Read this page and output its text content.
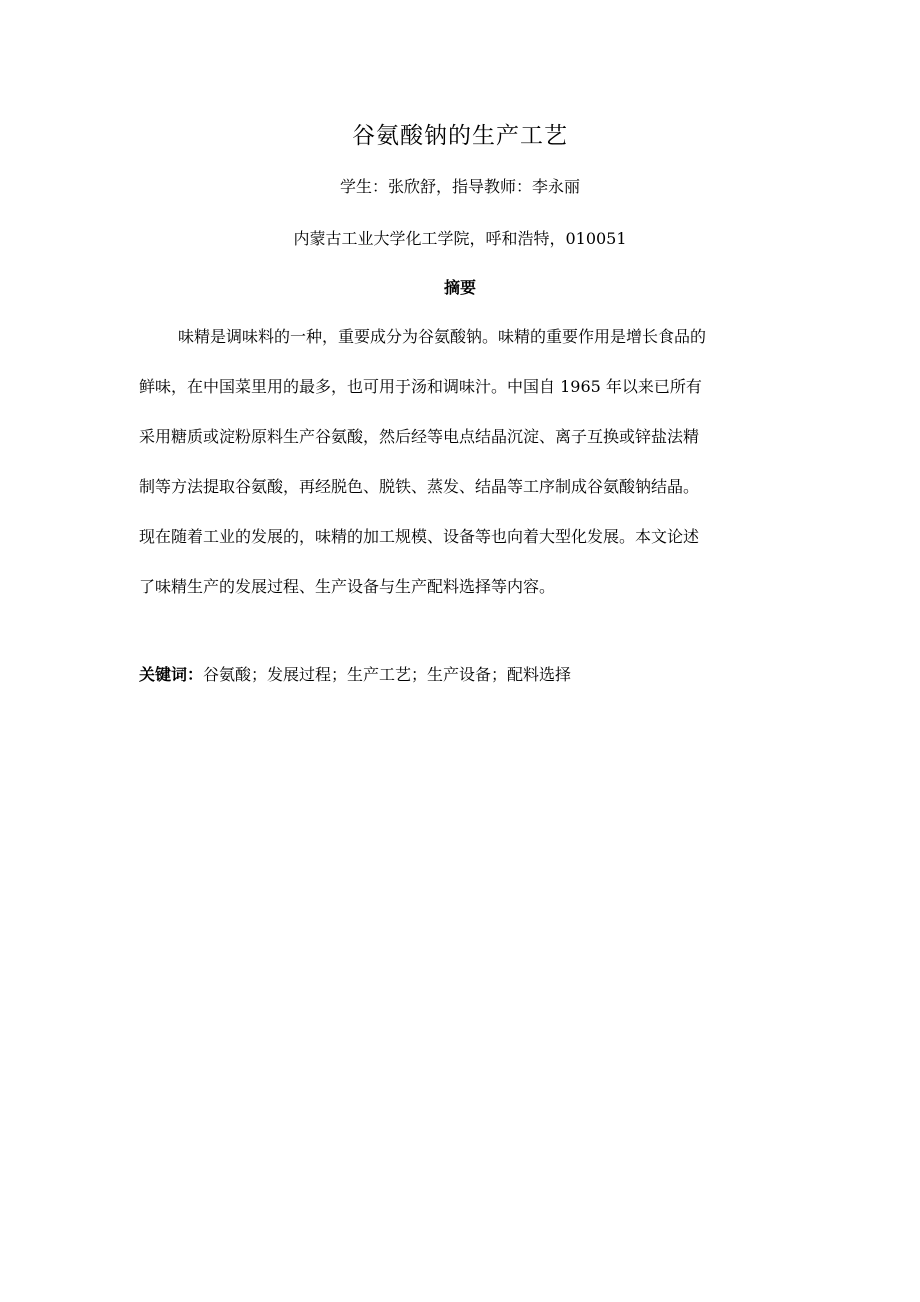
谷氨酸钠的生产工艺
学生：张欣舒，指导教师：李永丽
内蒙古工业大学化工学院，呼和浩特，010051
摘要
味精是调味料的一种，重要成分为谷氨酸钠。味精的重要作用是增长食品的
鲜味，在中国菜里用的最多，也可用于汤和调味汁。中国自 1965 年以来已所有
采用糖质或淀粉原料生产谷氨酸，然后经等电点结晶沉淀、离子互换或锌盐法精
制等方法提取谷氨酸，再经脱色、脱铁、蒸发、结晶等工序制成谷氨酸钠结晶。
现在随着工业的发展的，味精的加工规模、设备等也向着大型化发展。本文论述
了味精生产的发展过程、生产设备与生产配料选择等内容。
关键词：谷氨酸；发展过程；生产工艺；生产设备；配料选择
